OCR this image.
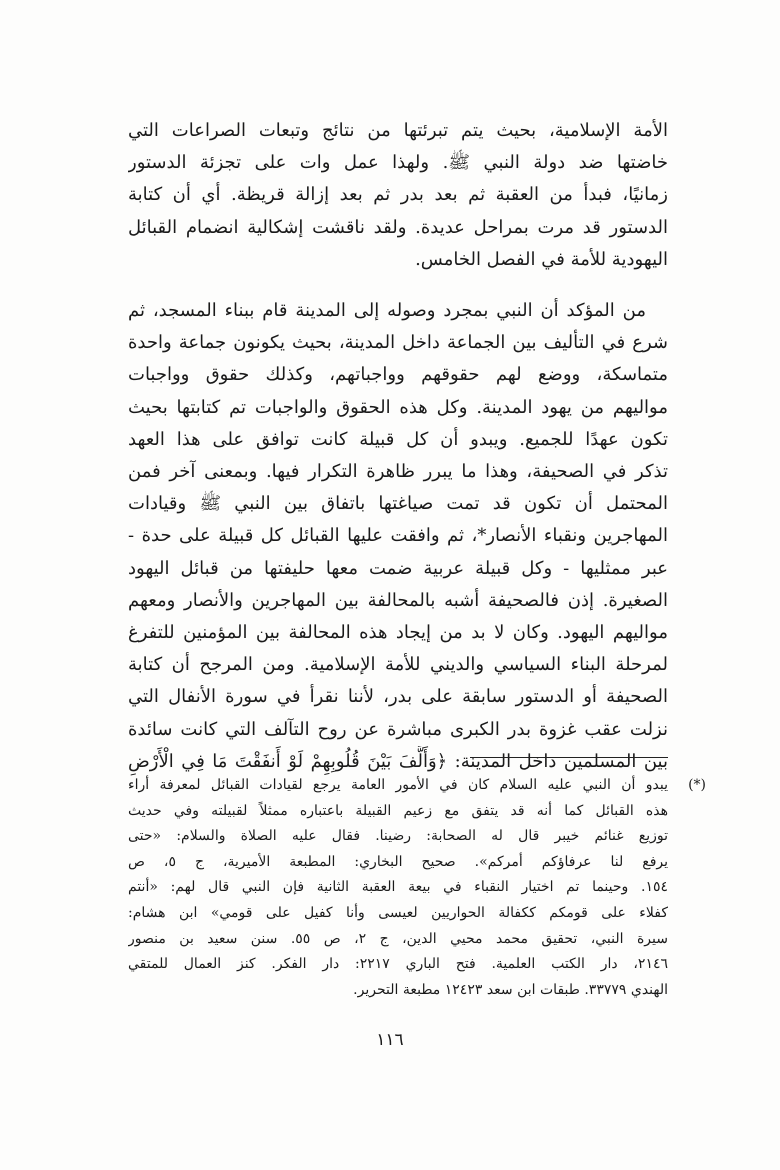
الأمة الإسلامية، بحيث يتم تبرئتها من نتائج وتبعات الصراعات التي
خاضتها ضد دولة النبي ﷺ. ولهذا عمل وات على تجزئة الدستور
زمانيًا، فبدأ من العقبة ثم بعد بدر ثم بعد إزالة قريظة. أي أن كتابة
الدستور قد مرت بمراحل عديدة. ولقد ناقشت إشكالية انضمام القبائل
اليهودية للأمة في الفصل الخامس.
من المؤكد أن النبي بمجرد وصوله إلى المدينة قام ببناء المسجد، ثم
شرع في التأليف بين الجماعة داخل المدينة، بحيث يكونون جماعة واحدة
متماسكة، ووضع لهم حقوقهم وواجباتهم، وكذلك حقوق وواجبات
مواليهم من يهود المدينة. وكل هذه الحقوق والواجبات تم كتابتها بحيث
تكون عهدًا للجميع. ويبدو أن كل قبيلة كانت توافق على هذا العهد
تذكر في الصحيفة، وهذا ما يبرر ظاهرة التكرار فيها. وبمعنى آخر فمن
المحتمل أن تكون قد تمت صياغتها باتفاق بين النبي ﷺ وقيادات
المهاجرين ونقباء الأنصار*، ثم وافقت عليها القبائل كل قبيلة على حدة -
عبر ممثليها - وكل قبيلة عربية ضمت معها حليفتها من قبائل اليهود
الصغيرة. إذن فالصحيفة أشبه بالمحالفة بين المهاجرين والأنصار ومعهم
مواليهم اليهود. وكان لا بد من إيجاد هذه المحالفة بين المؤمنين للتفرغ
لمرحلة البناء السياسي والديني للأمة الإسلامية. ومن المرجح أن كتابة
الصحيفة أو الدستور سابقة على بدر، لأننا نقرأ في سورة الأنفال التي
نزلت عقب غزوة بدر الكبرى مباشرة عن روح التآلف التي كانت سائدة
بين المسلمين داخل المدينة: ﴿وَأَلَّفَ بَيْنَ قُلُوبِهِمْ لَوْ أَنفَقْتَ مَا فِي الْأَرْضِ
(*)
يبدو أن النبي عليه السلام كان في الأمور العامة يرجع لقيادات القبائل لمعرفة أراء
هذه القبائل كما أنه قد يتفق مع زعيم القبيلة باعتباره ممثلاً لقبيلته وفي حديث
توزيع غنائم خيبر قال له الصحابة: رضينا. فقال عليه الصلاة والسلام: «حتى
يرفع لنا عرفاؤكم أمركم». صحيح البخاري: المطبعة الأميرية، ج ٥، ص
١٥٤. وحينما تم اختيار النقباء في بيعة العقبة الثانية فإن النبي قال لهم: «أنتم
كفلاء على قومكم ككفالة الحواريين لعيسى وأنا كفيل على قومي» ابن هشام:
سيرة النبي، تحقيق محمد محيي الدين، ج ٢، ص ٥٥. سنن سعيد بن منصور
٢١٤٦، دار الكتب العلمية. فتح الباري ٢٢١٧: دار الفكر. كنز العمال للمتقي
الهندي ٣٣٧٧٩. طبقات ابن سعد ١٢٤٢٣ مطبعة التحرير.
١١٦
